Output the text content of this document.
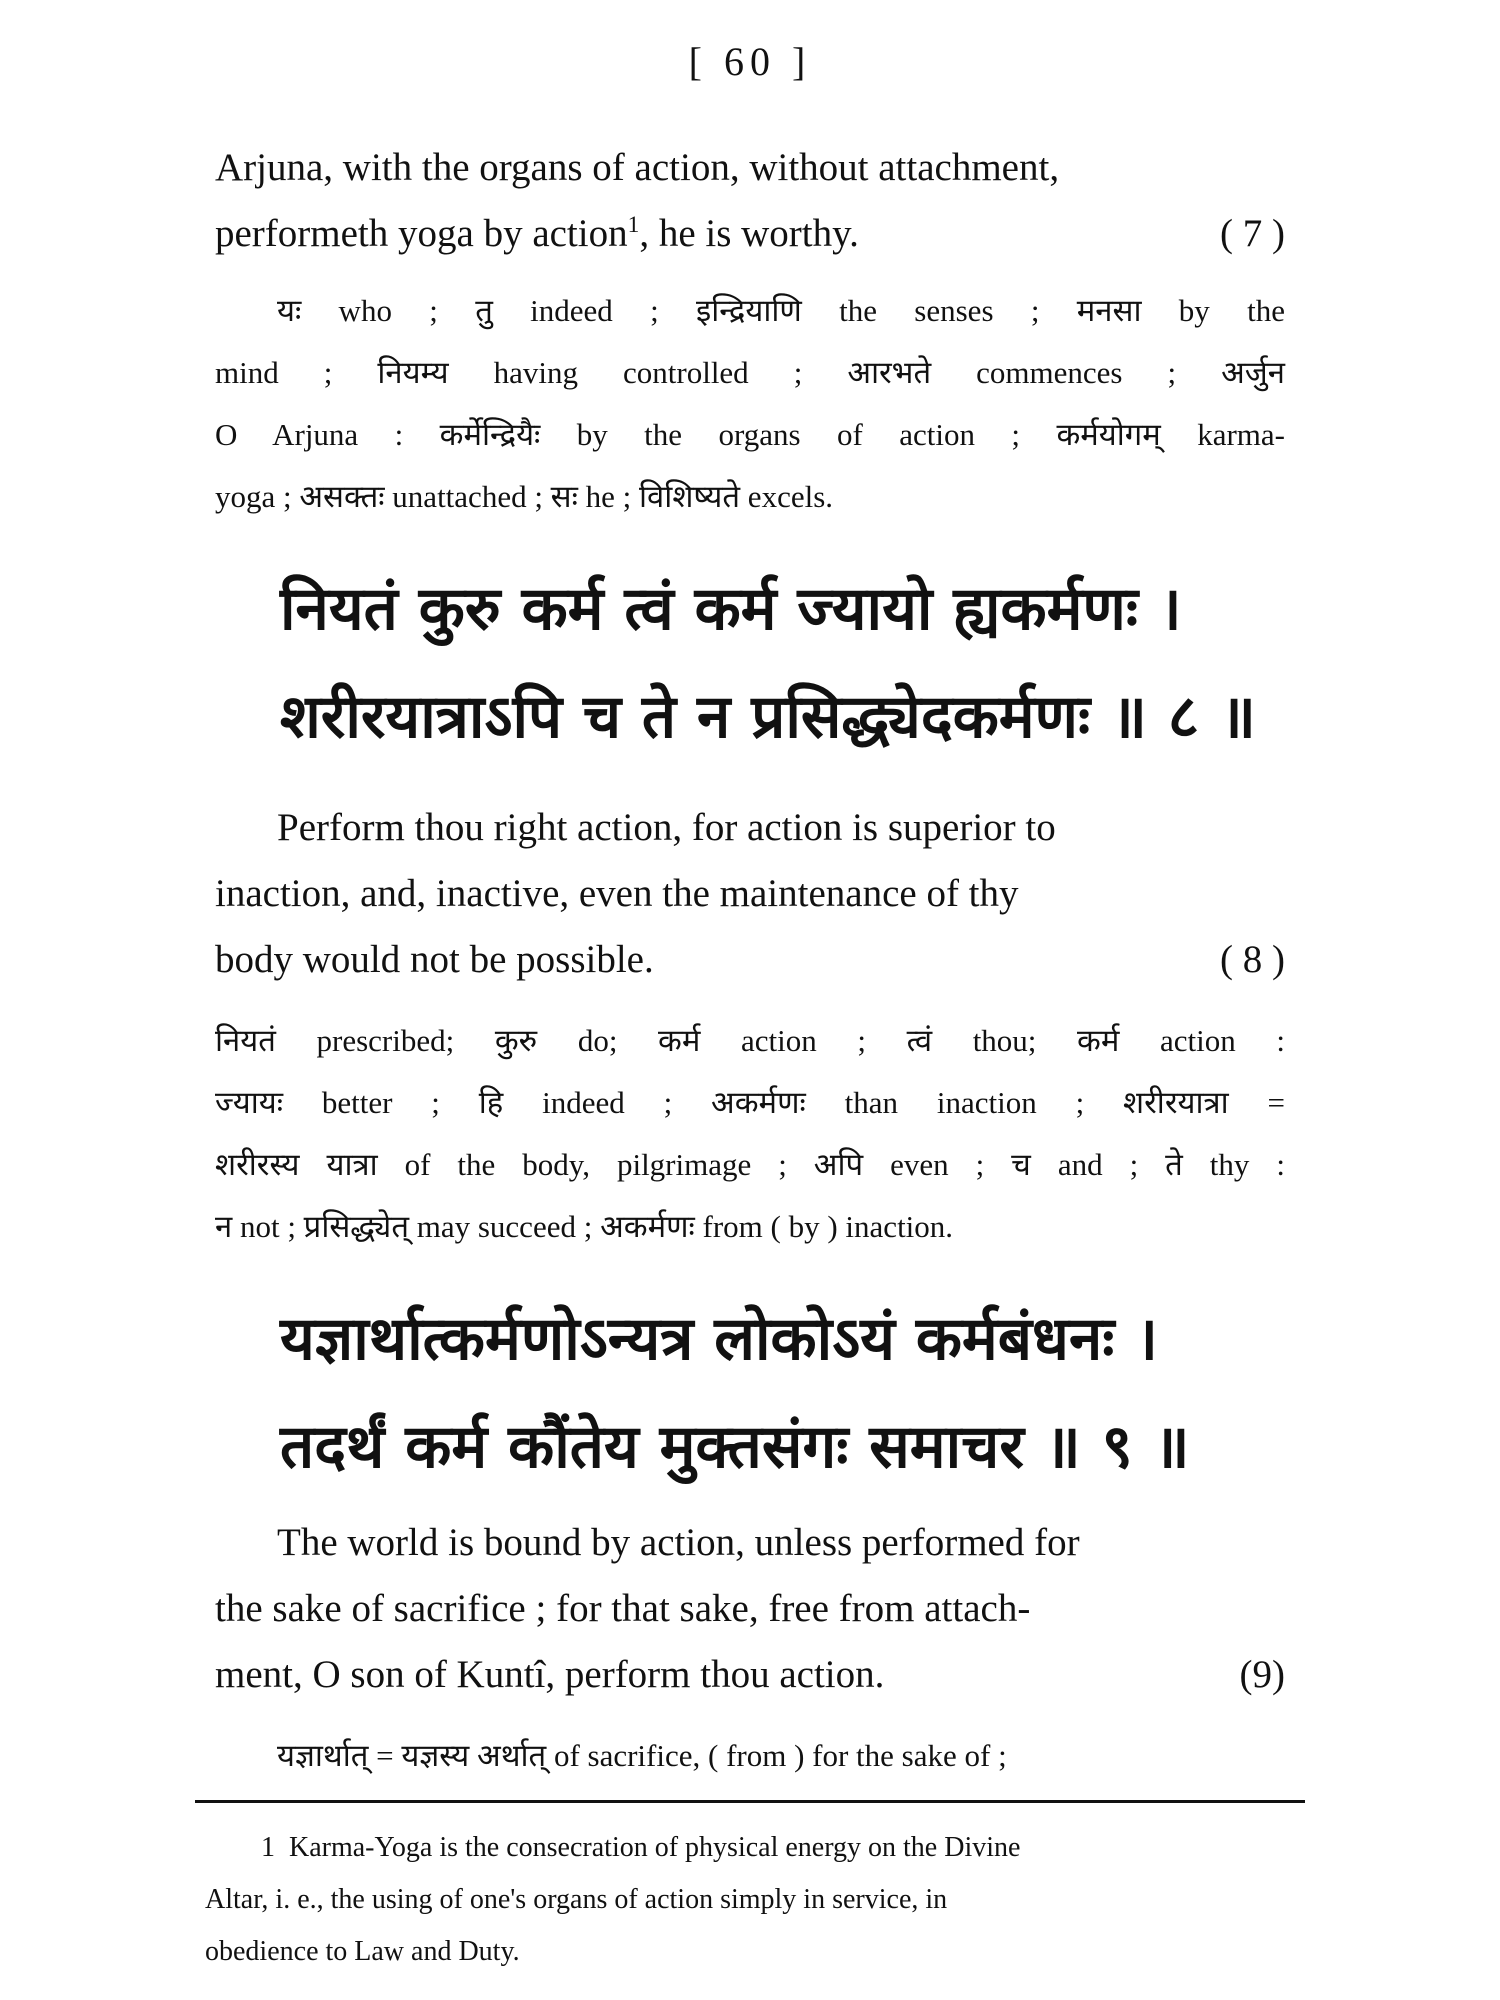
[ 60 ]
Arjuna, with the organs of action, without attachment,
performeth yoga by action$^1$, he is worthy.	( 7 )
यः who ; तु indeed ; इन्द्रियाणि the senses ; मनसा by the
mind ; नियम्य having controlled ; आरभते commences ; अर्जुन
O Arjuna : कर्मेन्द्रियैः by the organs of action ; कर्मयोगम् karma-
yoga ; असक्तः unattached ; सः he ; विशिष्यते excels.
नियतं कुरु कर्म त्वं कर्म ज्यायो ह्यकर्मणः ।
शरीरयात्राऽपि च ते न प्रसिद्ध्येदकर्मणः ॥ ८ ॥
Perform thou right action, for action is superior to
inaction, and, inactive, even the maintenance of thy
body would not be possible.	( 8 )
नियतं prescribed; कुरु do; कर्म action ; त्वं thou; कर्म action :
ज्यायः better ; हि indeed ; अकर्मणः than inaction ; शरीरयात्रा =
शरीरस्य यात्रा of the body, pilgrimage ; अपि even ; च and ; ते thy :
न not ; प्रसिद्ध्येत् may succeed ; अकर्मणः from ( by ) inaction.
यज्ञार्थात्कर्मणोऽन्यत्र लोकोऽयं कर्मबंधनः ।
तदर्थं कर्म कौंतेय मुक्तसंगः समाचर ॥ ९ ॥
The world is bound by action, unless performed for
the sake of sacrifice ; for that sake, free from attach-
ment, O son of Kuntî, perform thou action.	(9)
यज्ञार्थात् = यज्ञस्य अर्थात् of sacrifice, ( from ) for the sake of ;
1 Karma-Yoga is the consecration of physical energy on the Divine
Altar, i. e., the using of one's organs of action simply in service, in
obedience to Law and Duty.
